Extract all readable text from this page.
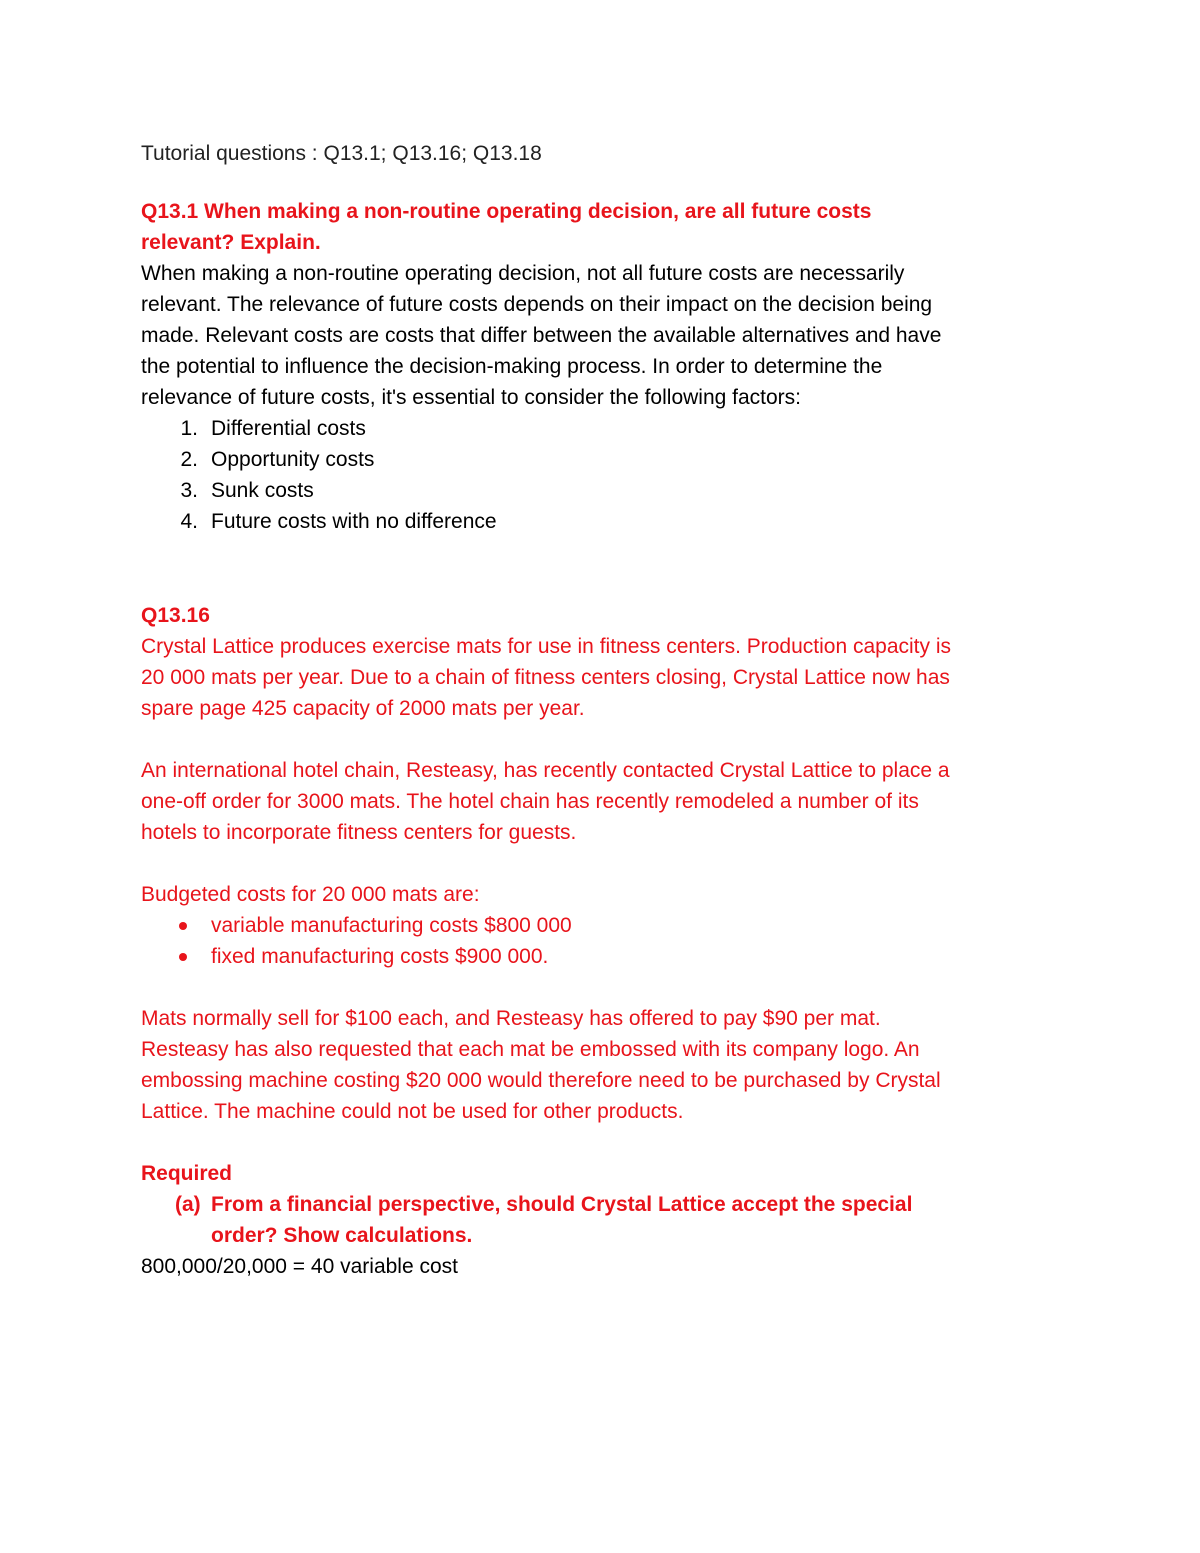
Tutorial questions : Q13.1; Q13.16; Q13.18
Q13.1 When making a non-routine operating decision, are all future costs
relevant? Explain.
When making a non-routine operating decision, not all future costs are necessarily
relevant. The relevance of future costs depends on their impact on the decision being
made. Relevant costs are costs that differ between the available alternatives and have
the potential to influence the decision-making process. In order to determine the
relevance of future costs, it's essential to consider the following factors:
1. Differential costs
2. Opportunity costs
3. Sunk costs
4. Future costs with no difference
Q13.16
Crystal Lattice produces exercise mats for use in fitness centers. Production capacity is
20 000 mats per year. Due to a chain of fitness centers closing, Crystal Lattice now has
spare page 425 capacity of 2000 mats per year.
An international hotel chain, Resteasy, has recently contacted Crystal Lattice to place a
one-off order for 3000 mats. The hotel chain has recently remodeled a number of its
hotels to incorporate fitness centers for guests.
Budgeted costs for 20 000 mats are:
variable manufacturing costs $800 000
fixed manufacturing costs $900 000.
Mats normally sell for $100 each, and Resteasy has offered to pay $90 per mat.
Resteasy has also requested that each mat be embossed with its company logo. An
embossing machine costing $20 000 would therefore need to be purchased by Crystal
Lattice. The machine could not be used for other products.
Required
(a) From a financial perspective, should Crystal Lattice accept the special
order? Show calculations.
800,000/20,000 = 40 variable cost
